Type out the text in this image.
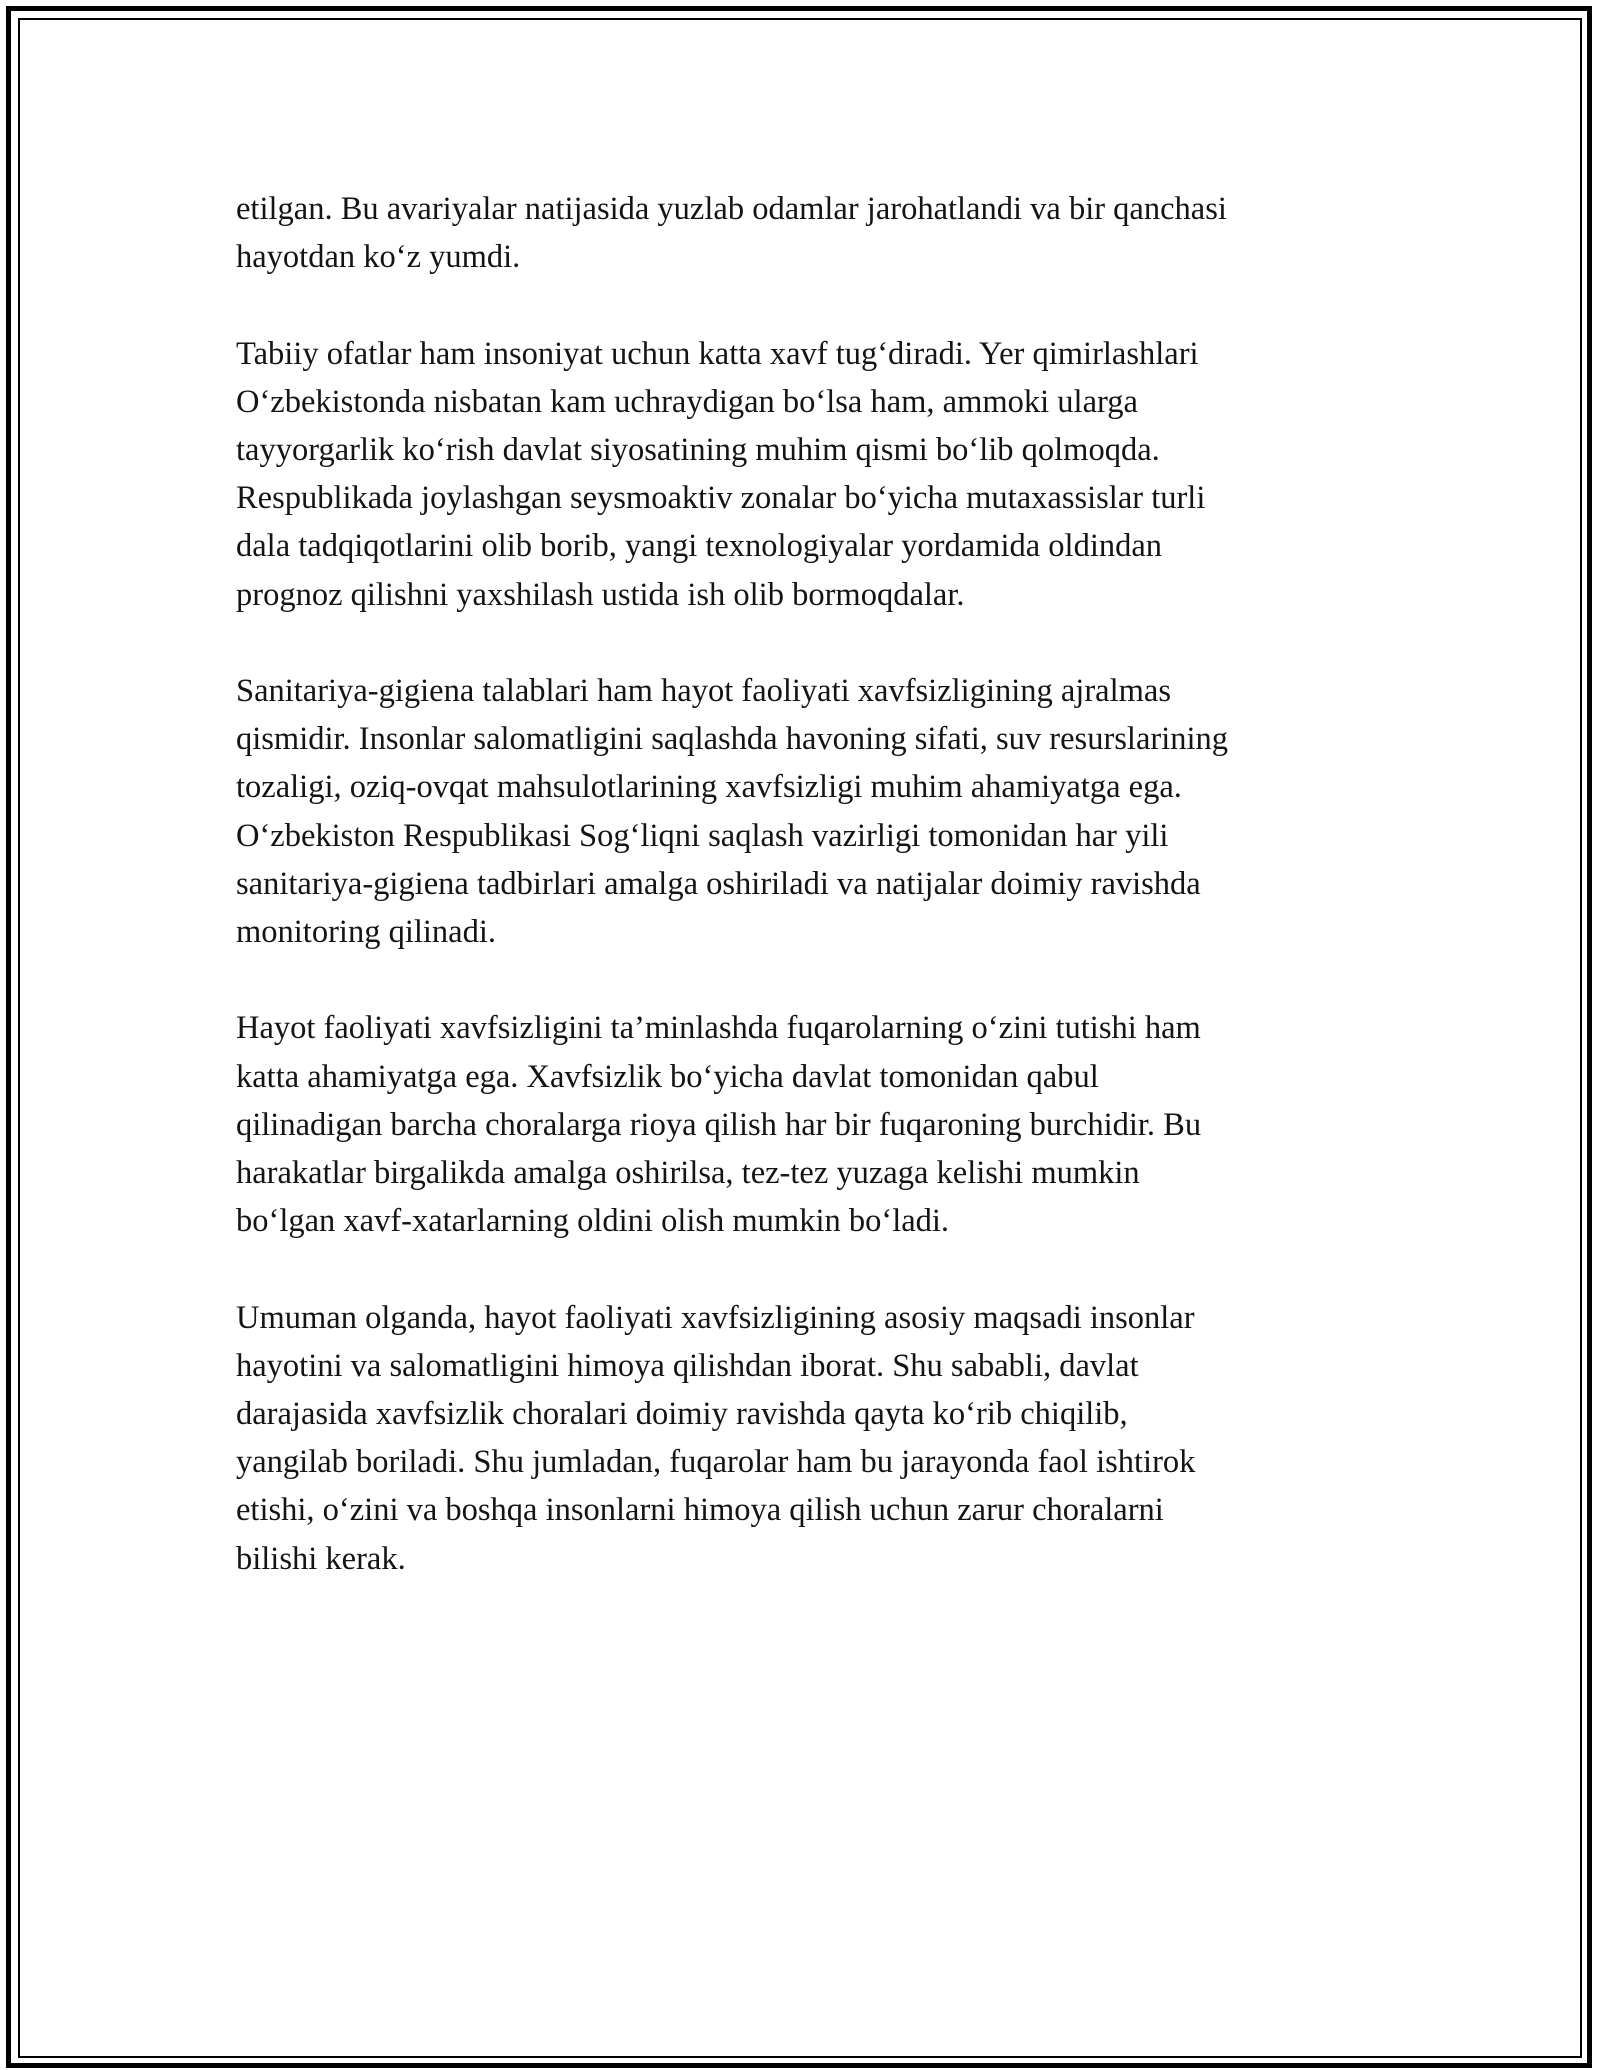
etilgan. Bu avariyalar natijasida yuzlab odamlar jarohatlandi va bir qanchasi
hayotdan ko‘z yumdi.

Tabiiy ofatlar ham insoniyat uchun katta xavf tug‘diradi. Yer qimirlashlari
O‘zbekistonda nisbatan kam uchraydigan bo‘lsa ham, ammoki ularga
tayyorgarlik ko‘rish davlat siyosatining muhim qismi bo‘lib qolmoqda.
Respublikada joylashgan seysmoaktiv zonalar bo‘yicha mutaxassislar turli
dala tadqiqotlarini olib borib, yangi texnologiyalar yordamida oldindan
prognoz qilishni yaxshilash ustida ish olib bormoqdalar.

Sanitariya-gigiena talablari ham hayot faoliyati xavfsizligining ajralmas
qismidir. Insonlar salomatligini saqlashda havoning sifati, suv resurslarining
tozaligi, oziq-ovqat mahsulotlarining xavfsizligi muhim ahamiyatga ega.
O‘zbekiston Respublikasi Sog‘liqni saqlash vazirligi tomonidan har yili
sanitariya-gigiena tadbirlari amalga oshiriladi va natijalar doimiy ravishda
monitoring qilinadi.

Hayot faoliyati xavfsizligini ta’minlashda fuqarolarning o‘zini tutishi ham
katta ahamiyatga ega. Xavfsizlik bo‘yicha davlat tomonidan qabul
qilinadigan barcha choralarga rioya qilish har bir fuqaroning burchidir. Bu
harakatlar birgalikda amalga oshirilsa, tez-tez yuzaga kelishi mumkin
bo‘lgan xavf-xatarlarning oldini olish mumkin bo‘ladi.

Umuman olganda, hayot faoliyati xavfsizligining asosiy maqsadi insonlar
hayotini va salomatligini himoya qilishdan iborat. Shu sababli, davlat
darajasida xavfsizlik choralari doimiy ravishda qayta ko‘rib chiqilib,
yangilab boriladi. Shu jumladan, fuqarolar ham bu jarayonda faol ishtirok
etishi, o‘zini va boshqa insonlarni himoya qilish uchun zarur choralarni
bilishi kerak.
